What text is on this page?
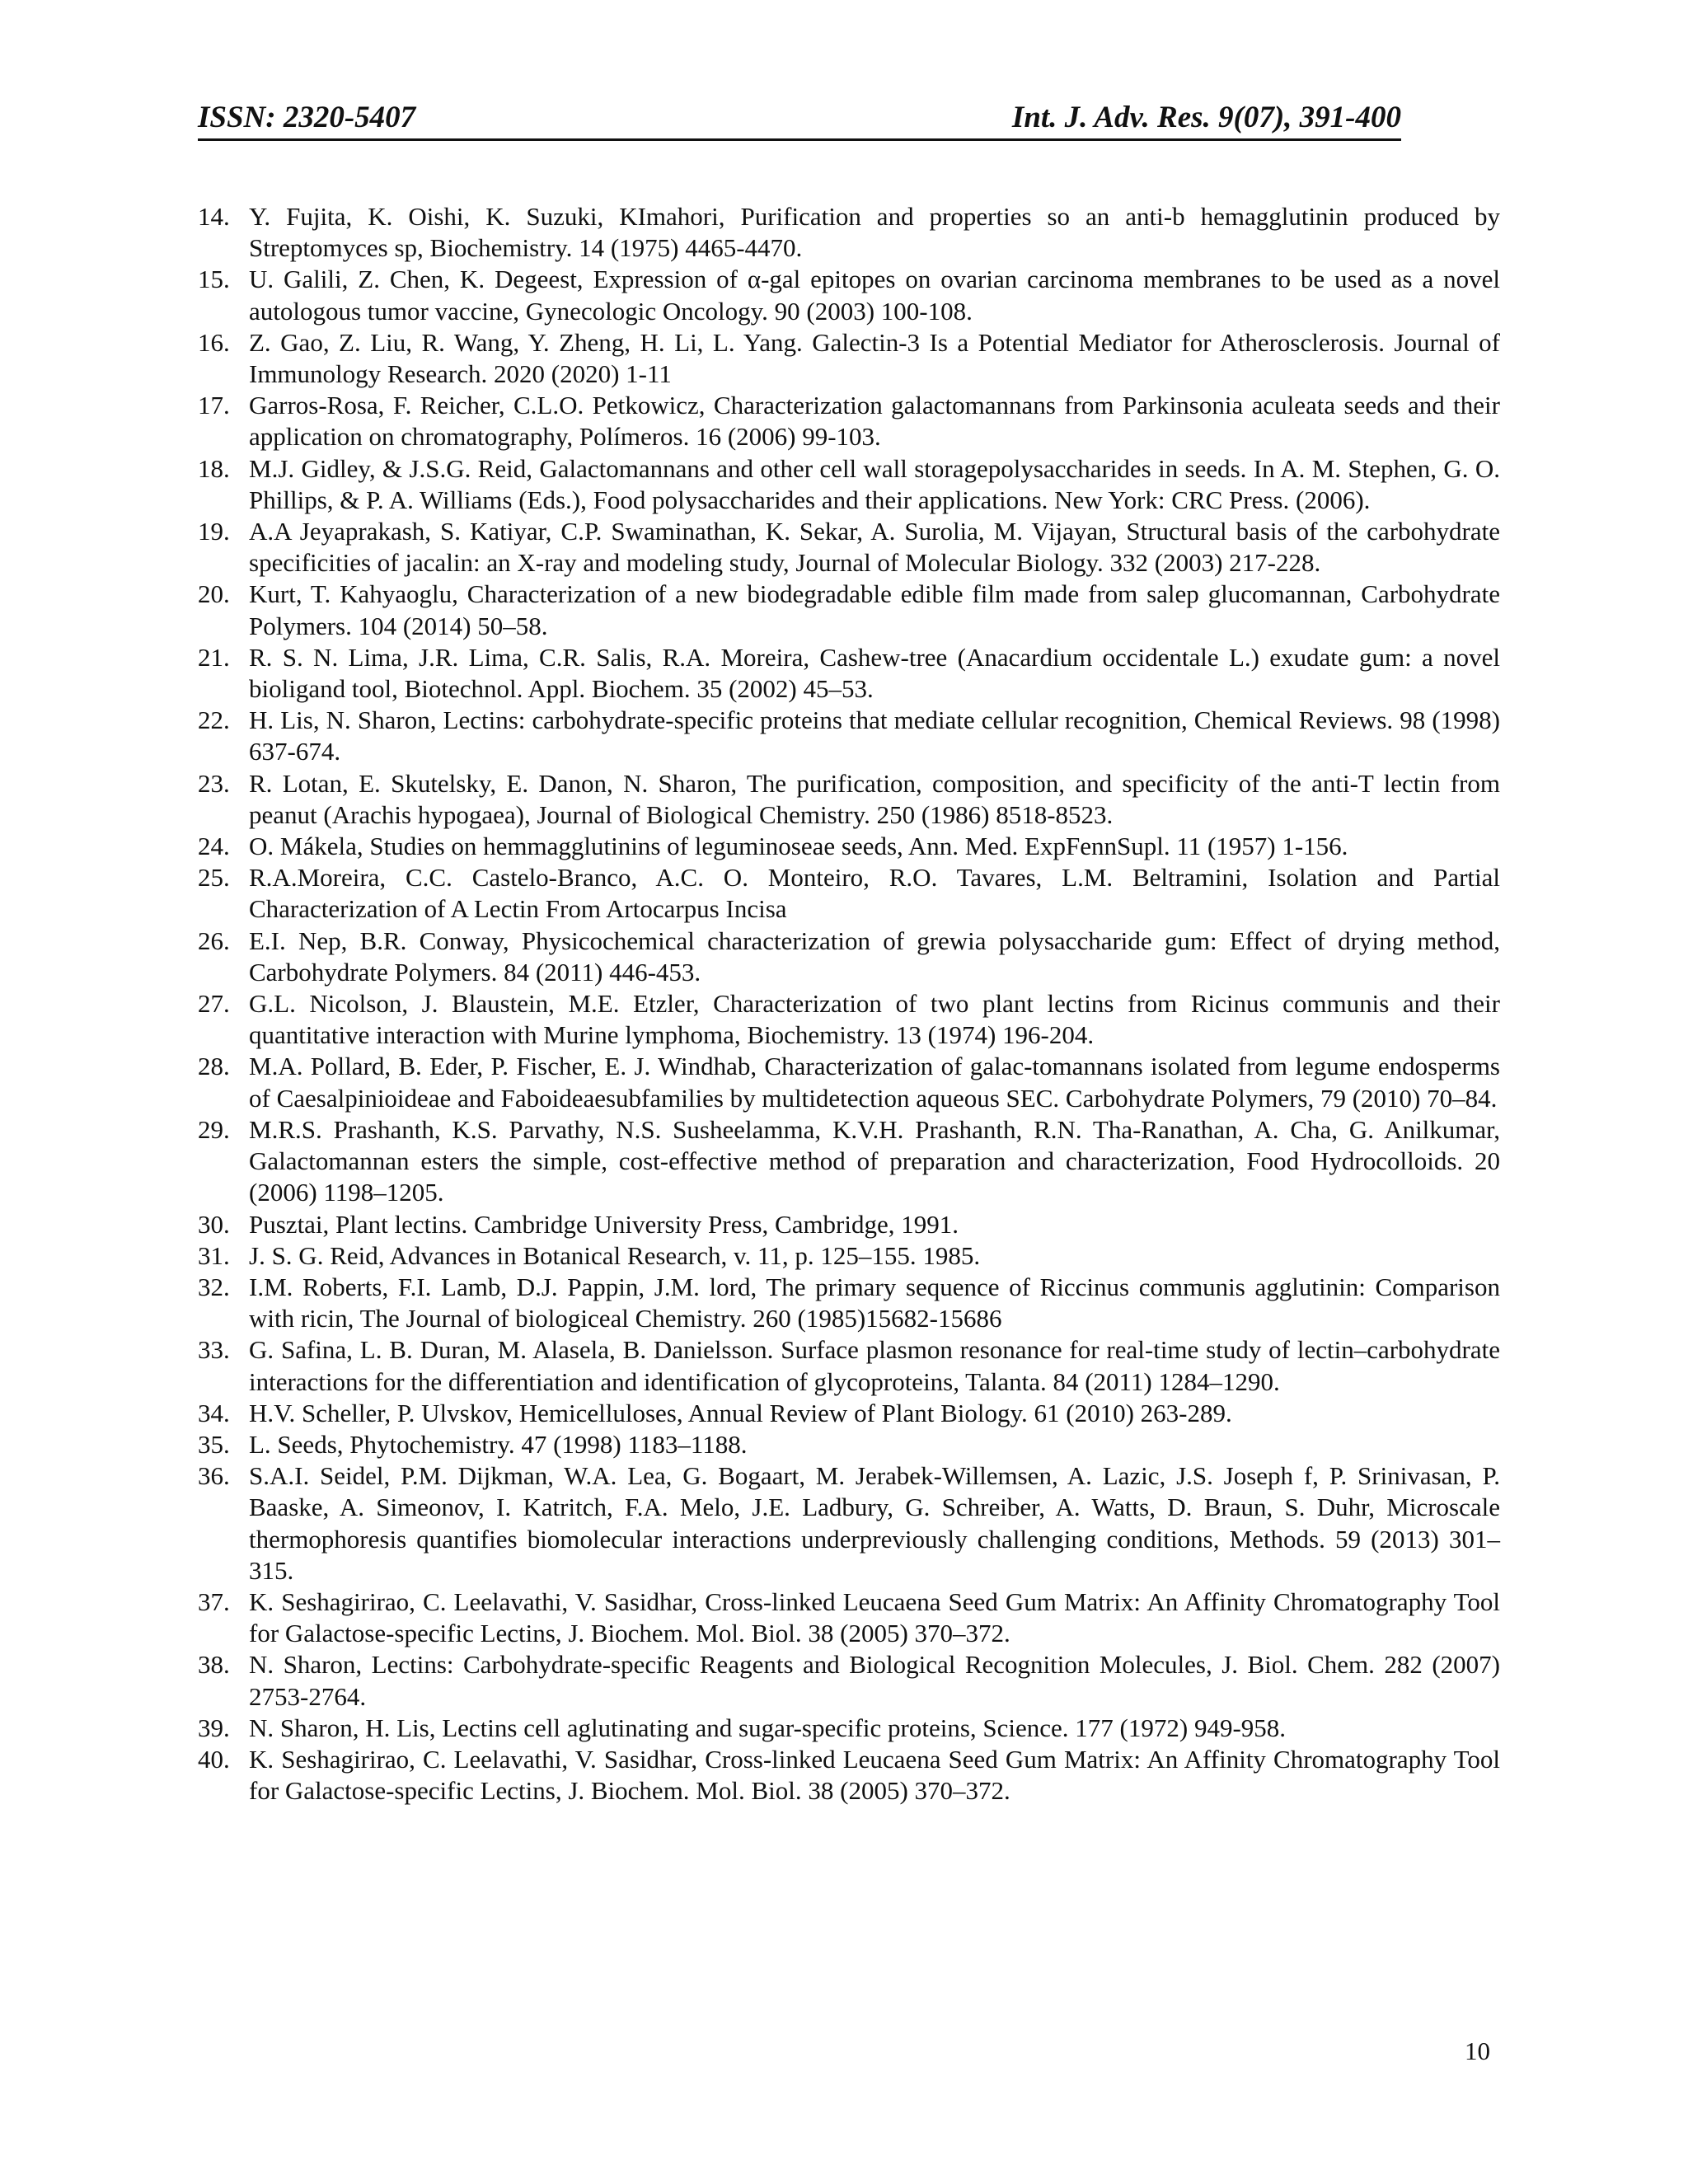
ISSN: 2320-5407	Int. J. Adv. Res. 9(07), 391-400
14. Y. Fujita, K. Oishi, K. Suzuki, KImahori, Purification and properties so an anti-b hemagglutinin produced by Streptomyces sp, Biochemistry. 14 (1975) 4465-4470.
15. U. Galili, Z. Chen, K. Degeest, Expression of α-gal epitopes on ovarian carcinoma membranes to be used as a novel autologous tumor vaccine, Gynecologic Oncology. 90 (2003) 100-108.
16. Z. Gao, Z. Liu, R. Wang, Y. Zheng, H. Li, L. Yang. Galectin-3 Is a Potential Mediator for Atherosclerosis. Journal of Immunology Research. 2020 (2020) 1-11
17. Garros-Rosa, F. Reicher, C.L.O. Petkowicz, Characterization galactomannans from Parkinsonia aculeata seeds and their application on chromatography, Polímeros. 16 (2006) 99-103.
18. M.J. Gidley, & J.S.G. Reid, Galactomannans and other cell wall storagepolysaccharides in seeds. In A. M. Stephen, G. O. Phillips, & P. A. Williams (Eds.), Food polysaccharides and their applications. New York: CRC Press. (2006).
19. A.A Jeyaprakash, S. Katiyar, C.P. Swaminathan, K. Sekar, A. Surolia, M. Vijayan, Structural basis of the carbohydrate specificities of jacalin: an X-ray and modeling study, Journal of Molecular Biology. 332 (2003) 217-228.
20. Kurt, T. Kahyaoglu, Characterization of a new biodegradable edible film made from salep glucomannan, Carbohydrate Polymers. 104 (2014) 50–58.
21. R. S. N. Lima, J.R. Lima, C.R. Salis, R.A. Moreira, Cashew-tree (Anacardium occidentale L.) exudate gum: a novel bioligand tool, Biotechnol. Appl. Biochem. 35 (2002) 45–53.
22. H. Lis, N. Sharon, Lectins: carbohydrate-specific proteins that mediate cellular recognition, Chemical Reviews. 98 (1998) 637-674.
23. R. Lotan, E. Skutelsky, E. Danon, N. Sharon, The purification, composition, and specificity of the anti-T lectin from peanut (Arachis hypogaea), Journal of Biological Chemistry. 250 (1986) 8518-8523.
24. O. Mákela, Studies on hemmagglutinins of leguminoseae seeds, Ann. Med. ExpFennSupl. 11 (1957) 1-156.
25. R.A.Moreira, C.C. Castelo-Branco, A.C. O. Monteiro, R.O. Tavares, L.M. Beltramini, Isolation and Partial Characterization of A Lectin From Artocarpus Incisa
26. E.I. Nep, B.R. Conway, Physicochemical characterization of grewia polysaccharide gum: Effect of drying method, Carbohydrate Polymers. 84 (2011) 446-453.
27. G.L. Nicolson, J. Blaustein, M.E. Etzler, Characterization of two plant lectins from Ricinus communis and their quantitative interaction with Murine lymphoma, Biochemistry. 13 (1974) 196-204.
28. M.A. Pollard, B. Eder, P. Fischer, E. J. Windhab, Characterization of galac-tomannans isolated from legume endosperms of Caesalpinioideae and Faboideaesubfamilies by multidetection aqueous SEC. Carbohydrate Polymers, 79 (2010) 70–84.
29. M.R.S. Prashanth, K.S. Parvathy, N.S. Susheelamma, K.V.H. Prashanth, R.N. Tha-Ranathan, A. Cha, G. Anilkumar, Galactomannan esters the simple, cost-effective method of preparation and characterization, Food Hydrocolloids. 20 (2006) 1198–1205.
30. Pusztai, Plant lectins. Cambridge University Press, Cambridge, 1991.
31. J. S. G. Reid, Advances in Botanical Research, v. 11, p. 125–155. 1985.
32. I.M. Roberts, F.I. Lamb, D.J. Pappin, J.M. lord, The primary sequence of Riccinus communis agglutinin: Comparison with ricin, The Journal of biologiceal Chemistry. 260 (1985)15682-15686
33. G. Safina, L. B. Duran, M. Alasela, B. Danielsson. Surface plasmon resonance for real-time study of lectin–carbohydrate interactions for the differentiation and identification of glycoproteins, Talanta. 84 (2011) 1284–1290.
34. H.V. Scheller, P. Ulvskov, Hemicelluloses, Annual Review of Plant Biology. 61 (2010) 263-289.
35. L. Seeds, Phytochemistry. 47 (1998) 1183–1188.
36. S.A.I. Seidel, P.M. Dijkman, W.A. Lea, G. Bogaart, M. Jerabek-Willemsen, A. Lazic, J.S. Joseph f, P. Srinivasan, P. Baaske, A. Simeonov, I. Katritch, F.A. Melo, J.E. Ladbury, G. Schreiber, A. Watts, D. Braun, S. Duhr, Microscale thermophoresis quantifies biomolecular interactions underpreviously challenging conditions, Methods. 59 (2013) 301–315.
37. K. Seshagirirao, C. Leelavathi, V. Sasidhar, Cross-linked Leucaena Seed Gum Matrix: An Affinity Chromatography Tool for Galactose-specific Lectins, J. Biochem. Mol. Biol. 38 (2005) 370–372.
38. N. Sharon, Lectins: Carbohydrate-specific Reagents and Biological Recognition Molecules, J. Biol. Chem. 282 (2007) 2753-2764.
39. N. Sharon, H. Lis, Lectins cell aglutinating and sugar-specific proteins, Science. 177 (1972) 949-958.
40. K. Seshagirirao, C. Leelavathi, V. Sasidhar, Cross-linked Leucaena Seed Gum Matrix: An Affinity Chromatography Tool for Galactose-specific Lectins, J. Biochem. Mol. Biol. 38 (2005) 370–372.
10
